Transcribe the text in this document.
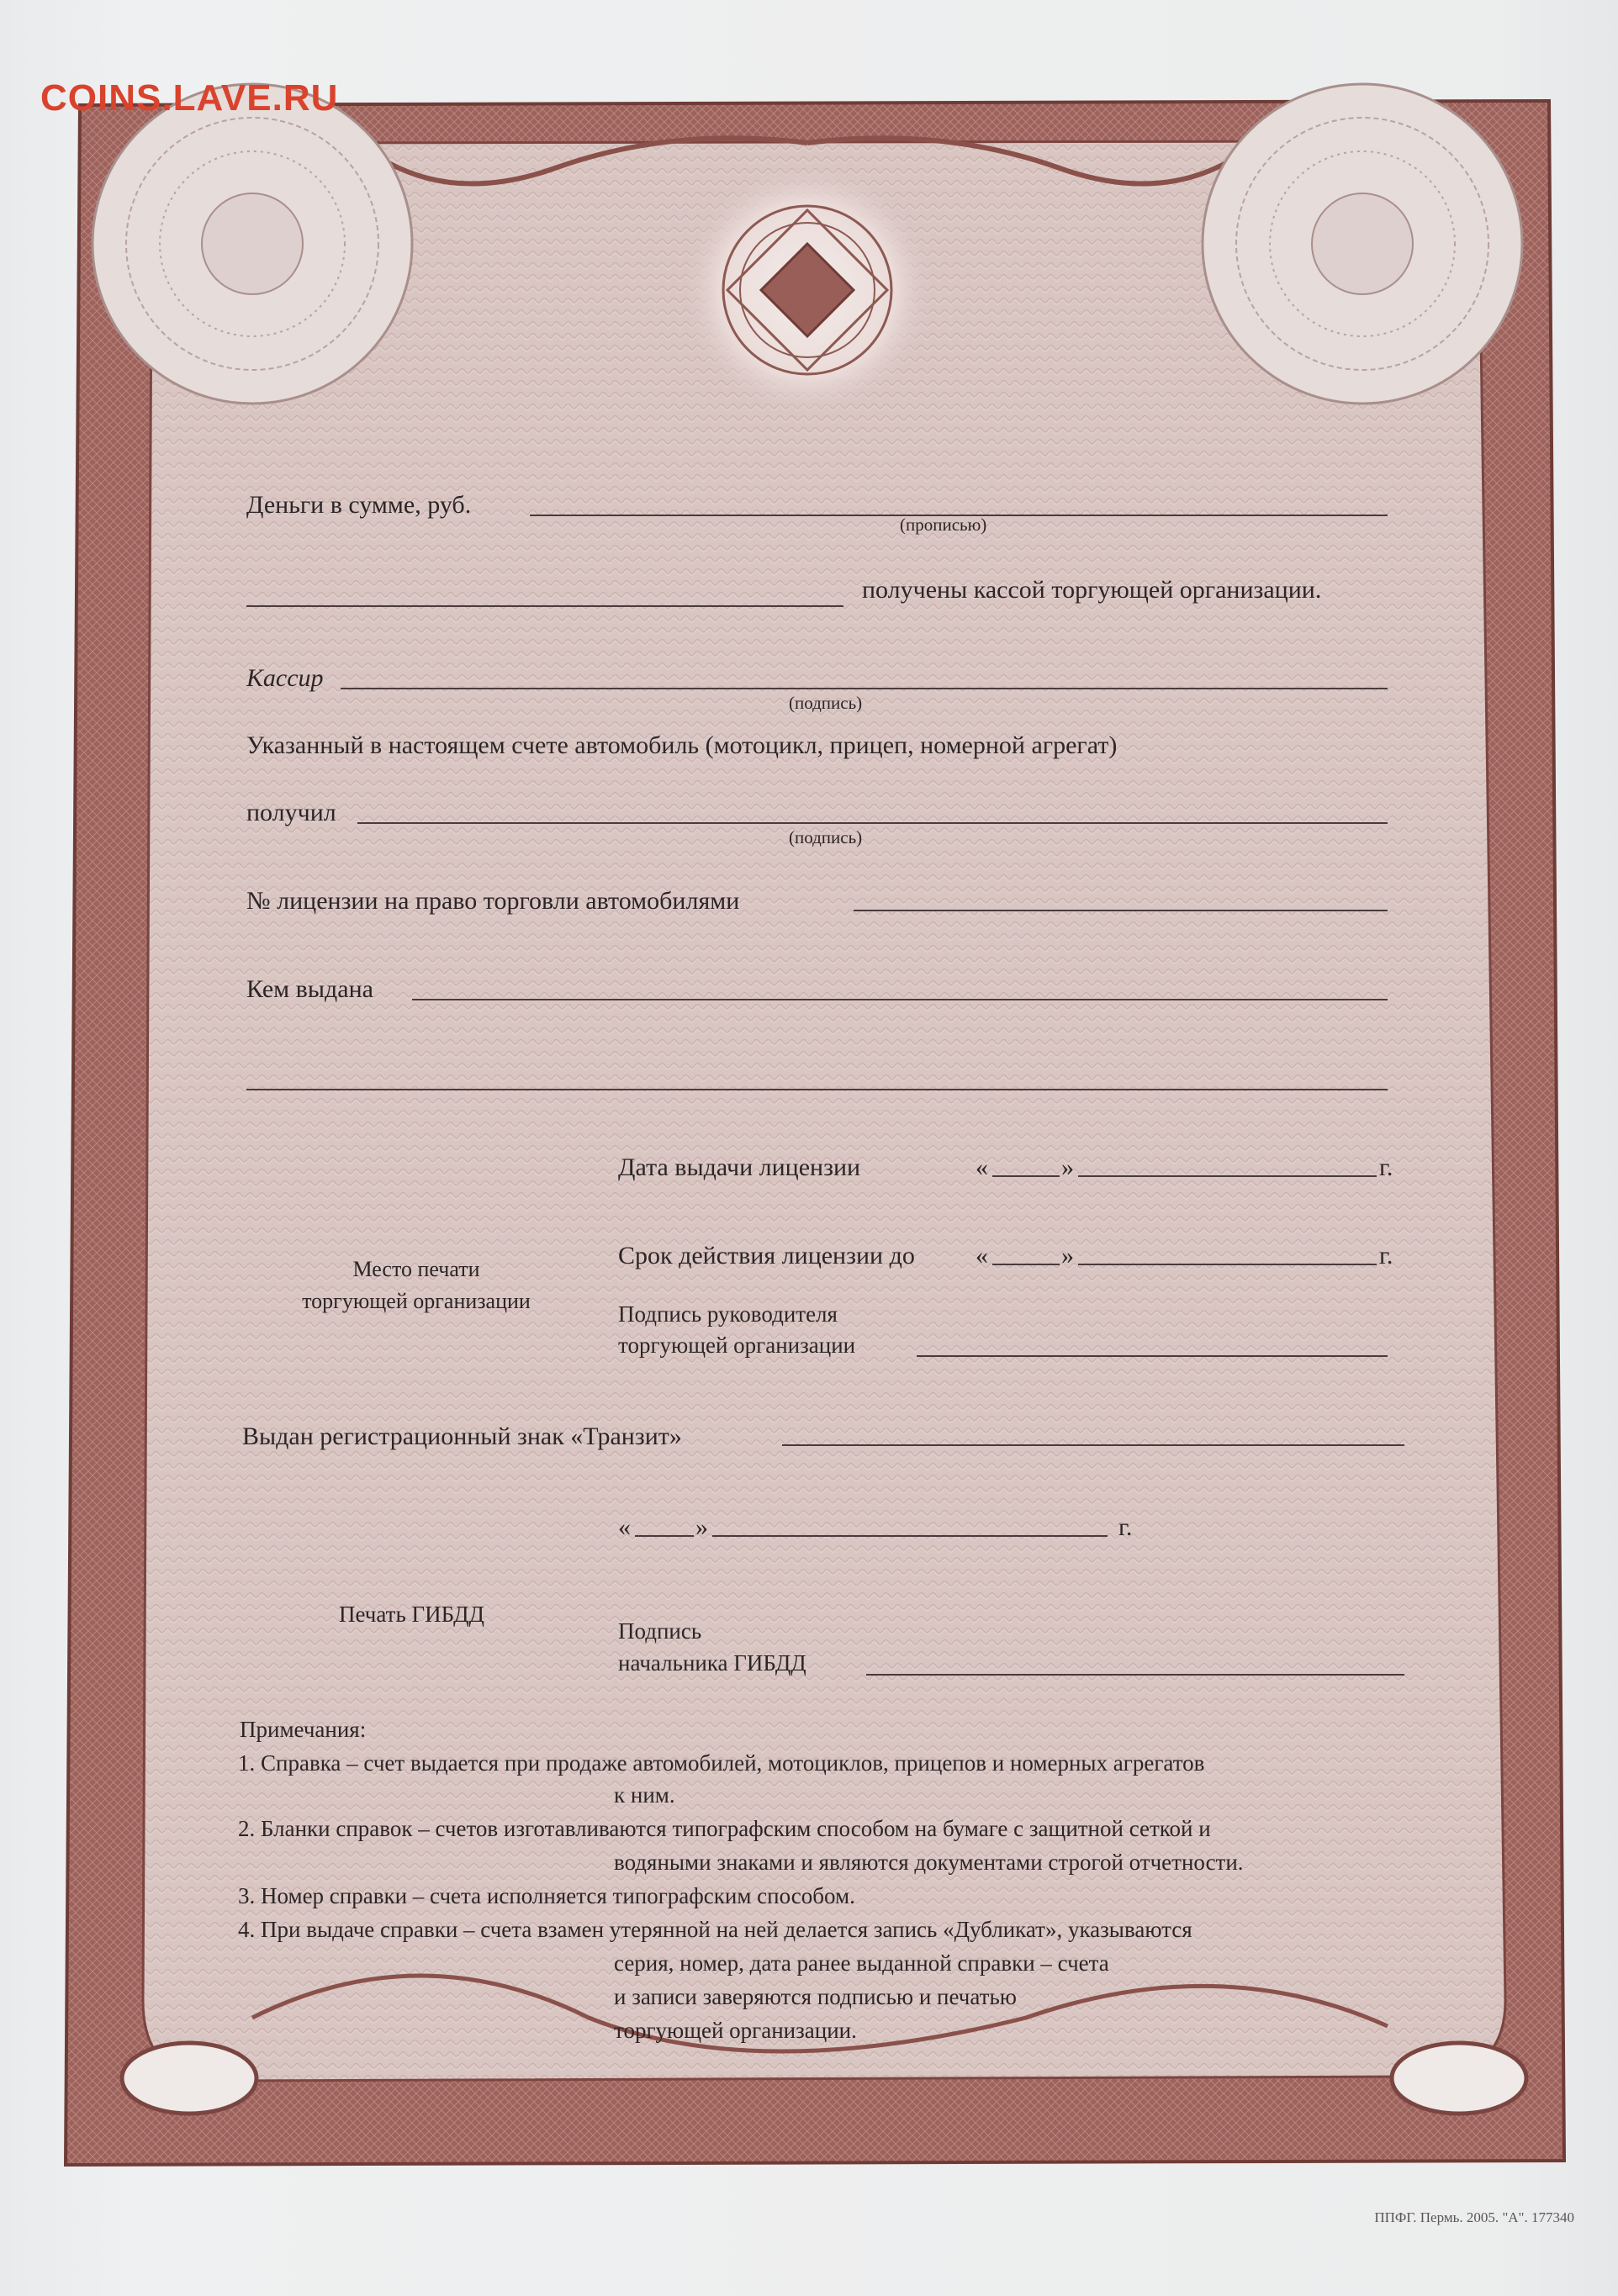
COINS.LAVE.RU
Деньги в сумме, руб.
(прописью)
получены кассой торгующей организации.
Кассир
(подпись)
Указанный в настоящем счете автомобиль (мотоцикл, прицеп, номерной агрегат)
получил
(подпись)
№ лицензии на право торговли автомобилями
Кем выдана
Дата выдачи лицензии	«	»	г.
Место печати
торгующей организации
Срок действия лицензии до «	»	г.
Подпись руководителя
торгующей организации
Выдан регистрационный знак «Транзит»
«	»	г.
Печать ГИБДД
Подпись
начальника ГИБДД
Примечания:
1. Справка – счет выдается при продаже автомобилей, мотоциклов, прицепов и номерных агрегатов
к ним.
2. Бланки справок – счетов изготавливаются типографским способом на бумаге с защитной сеткой и
водяными знаками и являются документами строгой отчетности.
3. Номер справки – счета исполняется типографским способом.
4. При выдаче справки – счета взамен утерянной на ней делается запись «Дубликат», указываются
серия, номер, дата ранее выданной справки – счета
и записи заверяются подписью и печатью
торгующей организации.
ППФГ. Пермь. 2005. "А". 177340
